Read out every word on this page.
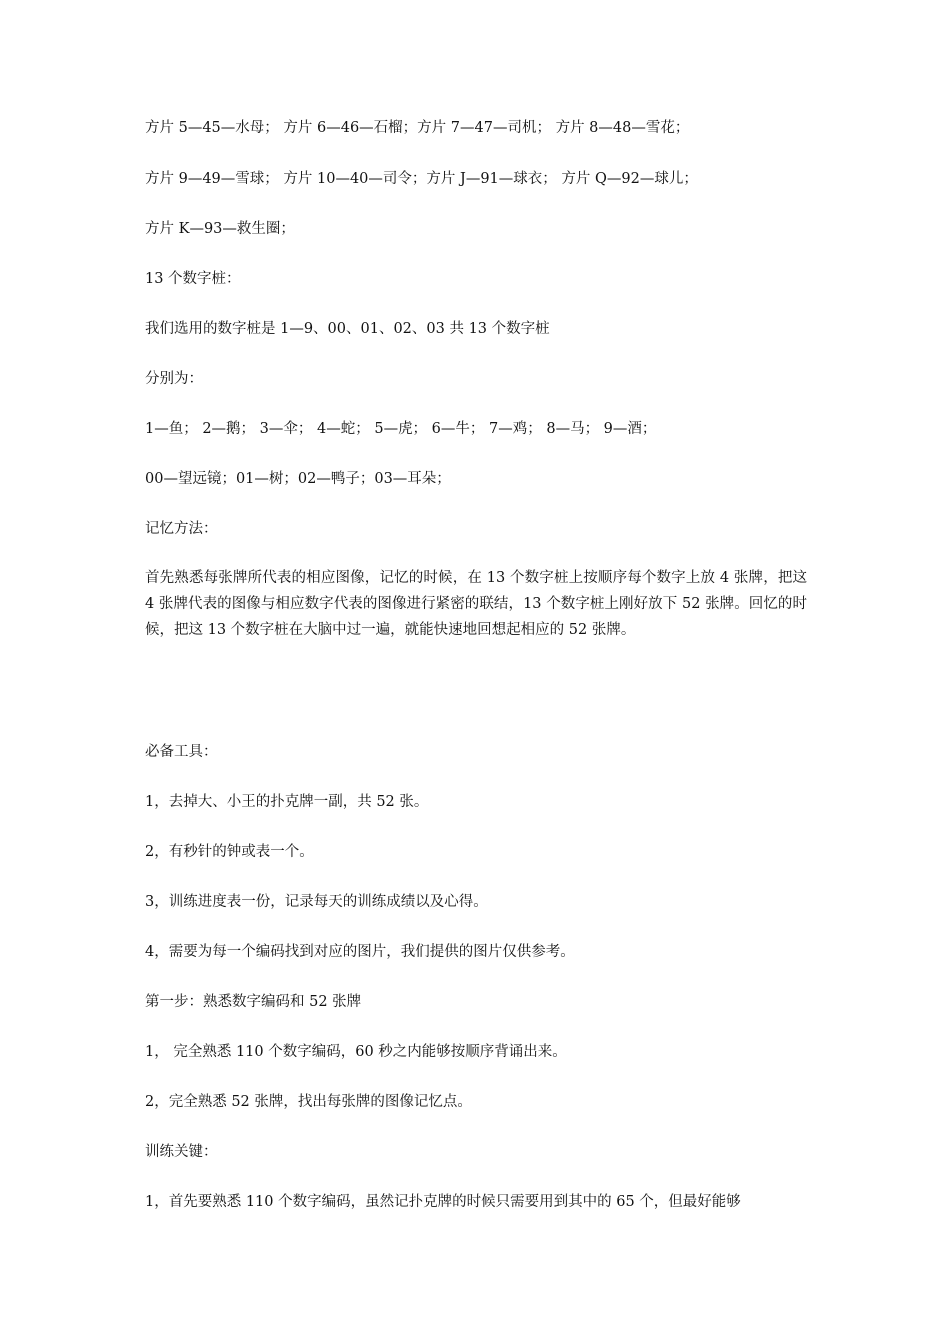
方片 5—45—水母； 方片 6—46—石榴；方片 7—47—司机； 方片 8—48—雪花；
方片 9—49—雪球； 方片 10—40—司令；方片 J—91—球衣； 方片 Q—92—球儿；
方片 K—93—救生圈；
13 个数字桩：
我们选用的数字桩是 1—9、00、01、02、03 共 13 个数字桩
分别为：
1—鱼； 2—鹅； 3—伞； 4—蛇； 5—虎； 6—牛； 7—鸡； 8—马； 9—酒；
00—望远镜；01—树；02—鸭子；03—耳朵；
记忆方法：
首先熟悉每张牌所代表的相应图像，记忆的时候，在 13 个数字桩上按顺序每个数字上放 4 张牌，把这 4 张牌代表的图像与相应数字代表的图像进行紧密的联结，13 个数字桩上刚好放下 52 张牌。回忆的时候，把这 13 个数字桩在大脑中过一遍，就能快速地回想起相应的 52 张牌。
必备工具：
1，去掉大、小王的扑克牌一副，共 52 张。
2，有秒针的钟或表一个。
3，训练进度表一份，记录每天的训练成绩以及心得。
4，需要为每一个编码找到对应的图片，我们提供的图片仅供参考。
第一步：熟悉数字编码和 52 张牌
1， 完全熟悉 110 个数字编码，60 秒之内能够按顺序背诵出来。
2，完全熟悉 52 张牌，找出每张牌的图像记忆点。
训练关键：
1，首先要熟悉 110 个数字编码，虽然记扑克牌的时候只需要用到其中的 65 个，但最好能够
